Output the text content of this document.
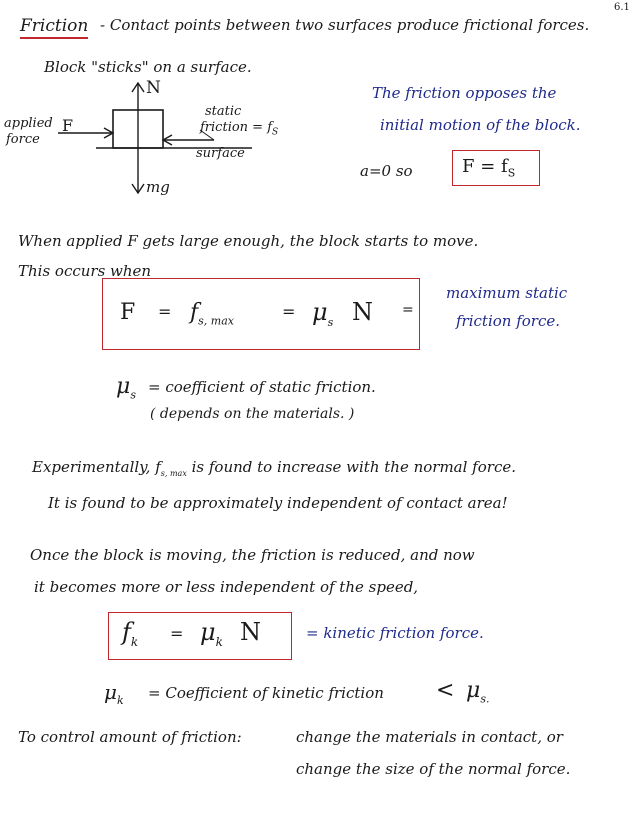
6.1
Friction - Contact points between two surfaces produce frictional forces.
Block "sticks" on a surface.
N
applied
force
F
static
friction = $f_S$
surface
mg
The friction opposes the
initial motion of the block.
a=0 so	$F = f_S$
When applied F gets large enough, the block starts to move.
This occurs when
$F = f_{s, max}$	= $\mu_s$ N =
maximum static
friction force.
$\mu_s$ = coefficient of static friction.
( depends on the materials. )
Experimentally, $f_{s, max}$ is found to increase with the normal force.
It is found to be approximately independent of contact area!
Once the block is moving, the friction is reduced, and now
it becomes more or less independent of the speed,
$f_k = \mu_k$ N	= kinetic friction force.
$\mu_k$ = Coefficient of kinetic friction < $\mu_{s.}$
To control amount of friction:	change the materials in contact, or
change the size of the normal force.
